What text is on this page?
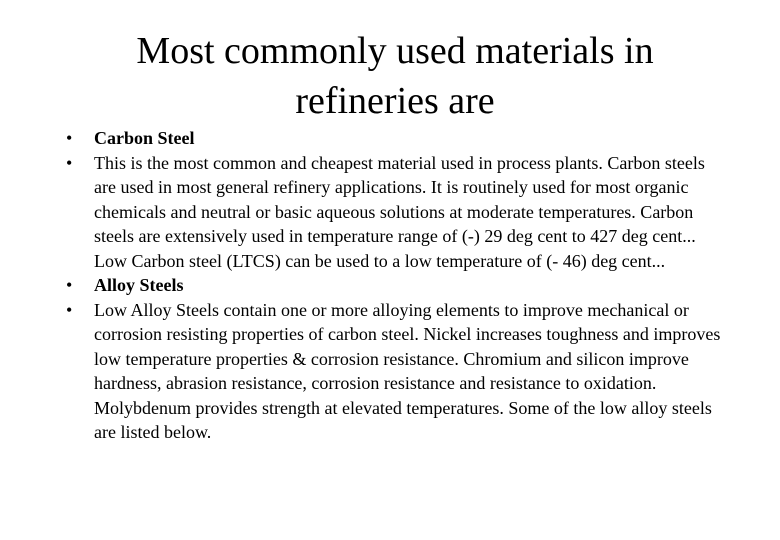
Most commonly used materials in refineries are
•	Carbon Steel
•	This is the most common and cheapest material used in process plants. Carbon steels are used in most general refinery applications. It is routinely used for most organic chemicals and neutral or basic aqueous solutions at moderate temperatures. Carbon steels are extensively used in temperature range of (-) 29 deg cent to 427 deg cent... Low Carbon steel (LTCS) can be used to a low temperature of (- 46) deg cent...
•	Alloy Steels
•	Low Alloy Steels contain one or more alloying elements to improve mechanical or corrosion resisting properties of carbon steel. Nickel increases toughness and improves low temperature properties & corrosion resistance. Chromium and silicon improve hardness, abrasion resistance, corrosion resistance and resistance to oxidation. Molybdenum provides strength at elevated temperatures. Some of the low alloy steels are listed below.
